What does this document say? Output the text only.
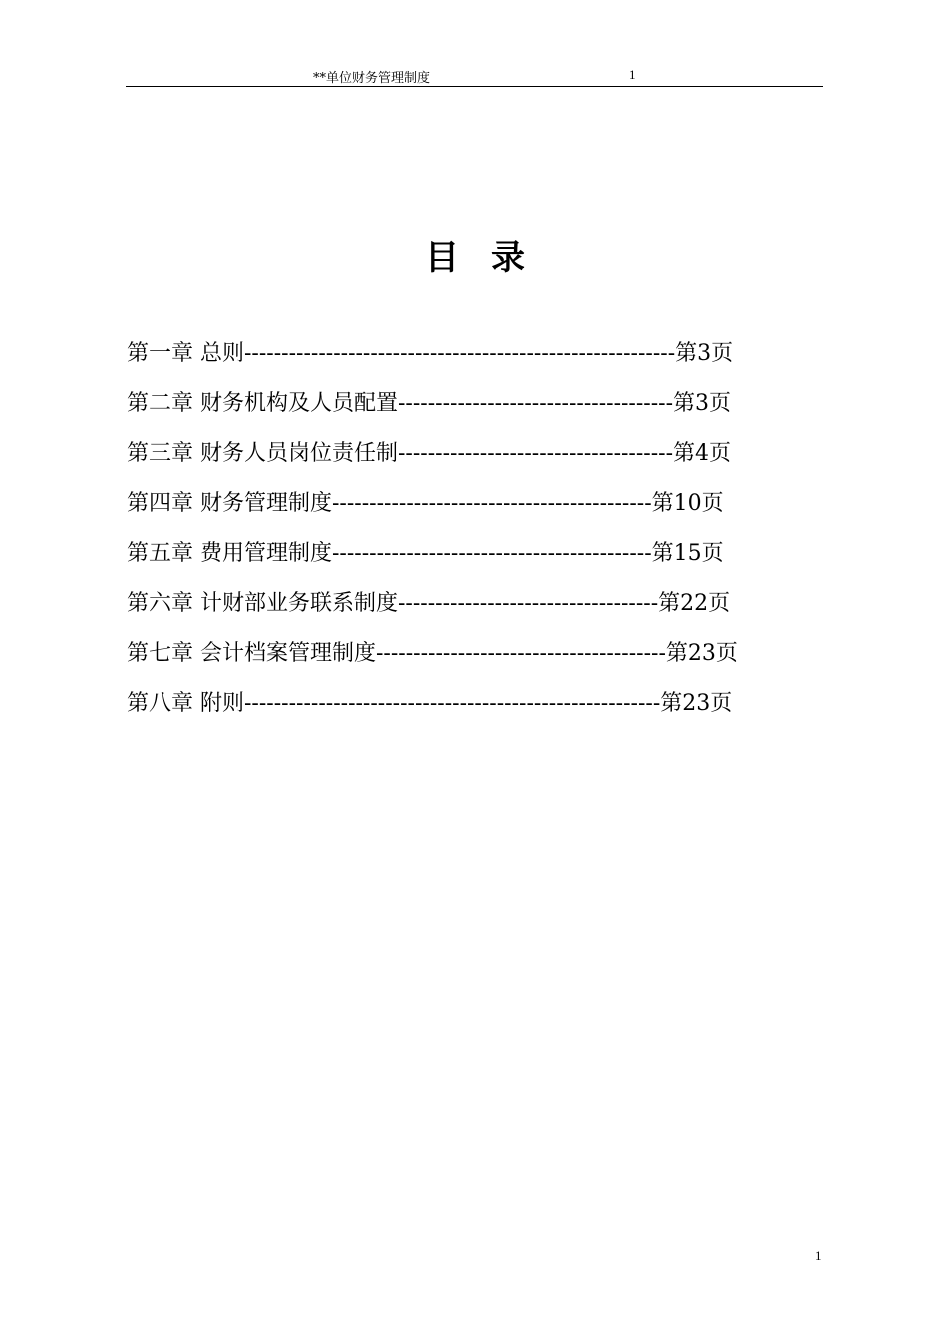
**单位财务管理制度	1
目录
第一章 总则----------------------------------------------------------第3页
第二章 财务机构及人员配置-------------------------------------第3页
第三章 财务人员岗位责任制-------------------------------------第4页
第四章 财务管理制度-------------------------------------------第10页
第五章 费用管理制度-------------------------------------------第15页
第六章 计财部业务联系制度-----------------------------------第22页
第七章 会计档案管理制度---------------------------------------第23页
第八章 附则--------------------------------------------------------第23页
1
